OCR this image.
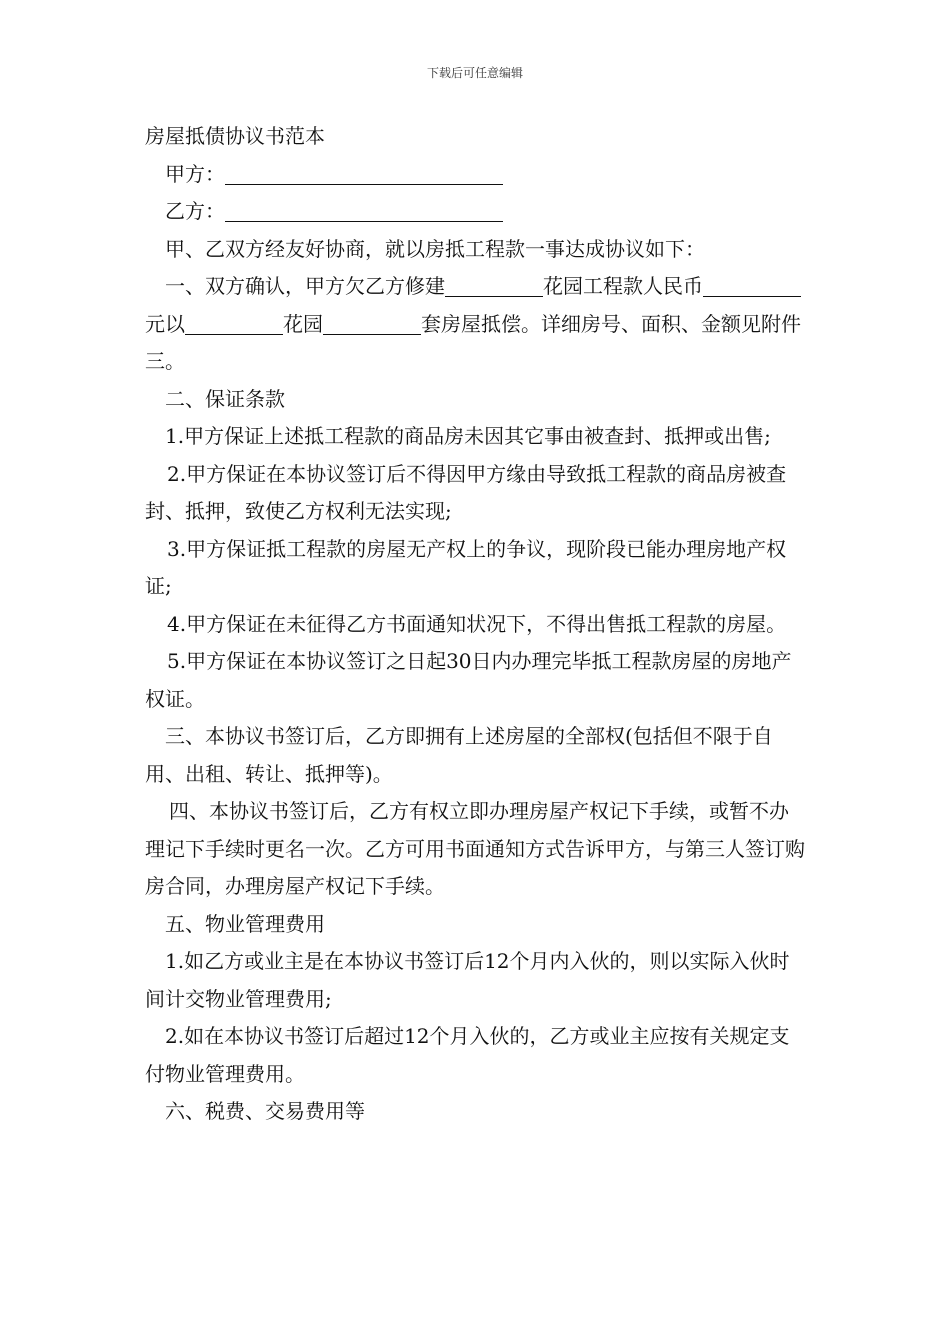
下载后可任意编辑

房屋抵债协议书范本

甲方：

乙方：

甲、乙双方经友好协商，就以房抵工程款一事达成协议如下：

一、双方确认，甲方欠乙方修建	花园工程款人民币元以	花园	套房屋抵偿。详细房号、面积、金额见附件三。

二、保证条款

1.甲方保证上述抵工程款的商品房未因其它事由被查封、抵押或出售;

2.甲方保证在本协议签订后不得因甲方缘由导致抵工程款的商品房被查封、抵押，致使乙方权利无法实现;

3.甲方保证抵工程款的房屋无产权上的争议，现阶段已能办理房地产权证;

4.甲方保证在未征得乙方书面通知状况下，不得出售抵工程款的房屋。

5.甲方保证在本协议签订之日起30日内办理完毕抵工程款房屋的房地产权证。

三、本协议书签订后，乙方即拥有上述房屋的全部权(包括但不限于自用、出租、转让、抵押等)。

四、本协议书签订后，乙方有权立即办理房屋产权记下手续，或暂不办理记下手续时更名一次。乙方可用书面通知方式告诉甲方，与第三人签订购房合同，办理房屋产权记下手续。

五、物业管理费用

1.如乙方或业主是在本协议书签订后12个月内入伙的，则以实际入伙时间计交物业管理费用;

2.如在本协议书签订后超过12个月入伙的，乙方或业主应按有关规定支付物业管理费用。

六、税费、交易费用等
